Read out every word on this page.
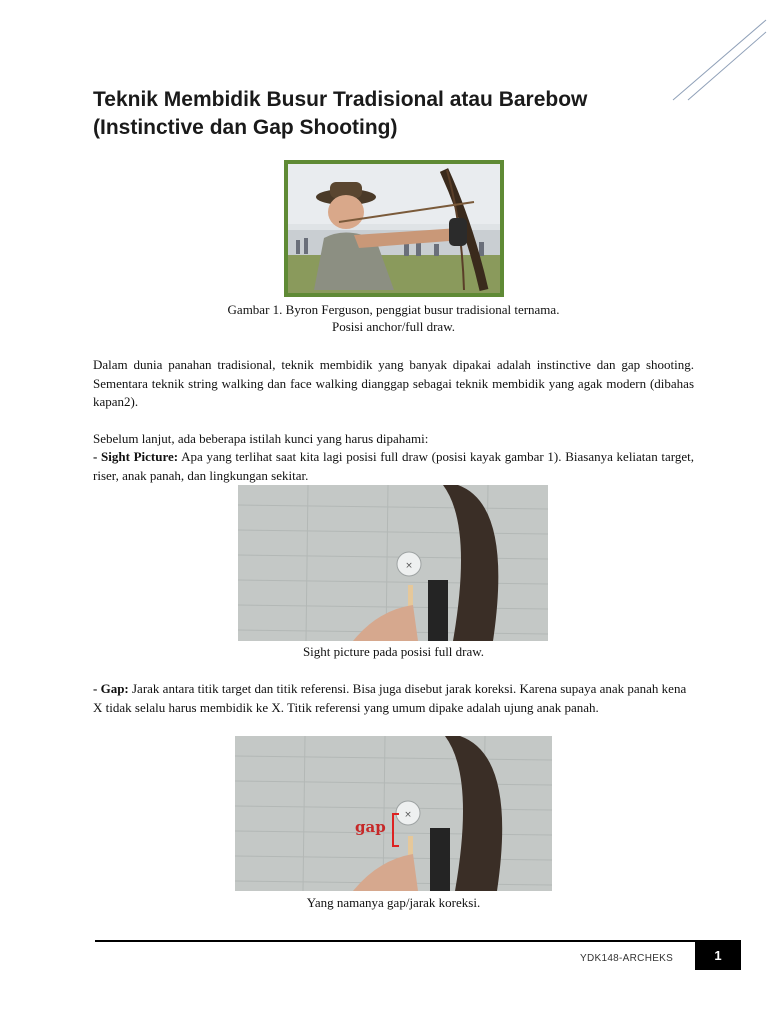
Teknik Membidik Busur Tradisional atau Barebow
(Instinctive dan Gap Shooting)
Gambar 1. Byron Ferguson, penggiat busur tradisional ternama.
Posisi anchor/full draw.

Dalam dunia panahan tradisional, teknik membidik yang banyak dipakai adalah instinctive dan gap shooting. Sementara teknik string walking dan face walking dianggap sebagai teknik membidik yang agak modern (dibahas kapan2).

Sebelum lanjut, ada beberapa istilah kunci yang harus dipahami:

- Sight Picture: Apa yang terlihat saat kita lagi posisi full draw (posisi kayak gambar 1). Biasanya keliatan target, riser, anak panah, dan lingkungan sekitar.

×
Sight picture pada posisi full draw.

- Gap: Jarak antara titik target dan titik referensi. Bisa juga disebut jarak koreksi. Karena supaya anak panah kena X tidak selalu harus membidik ke X. Titik referensi yang umum dipake adalah ujung anak panah.

×
gap
Yang namanya gap/jarak koreksi.
YDK148-ARCHEKS	1
